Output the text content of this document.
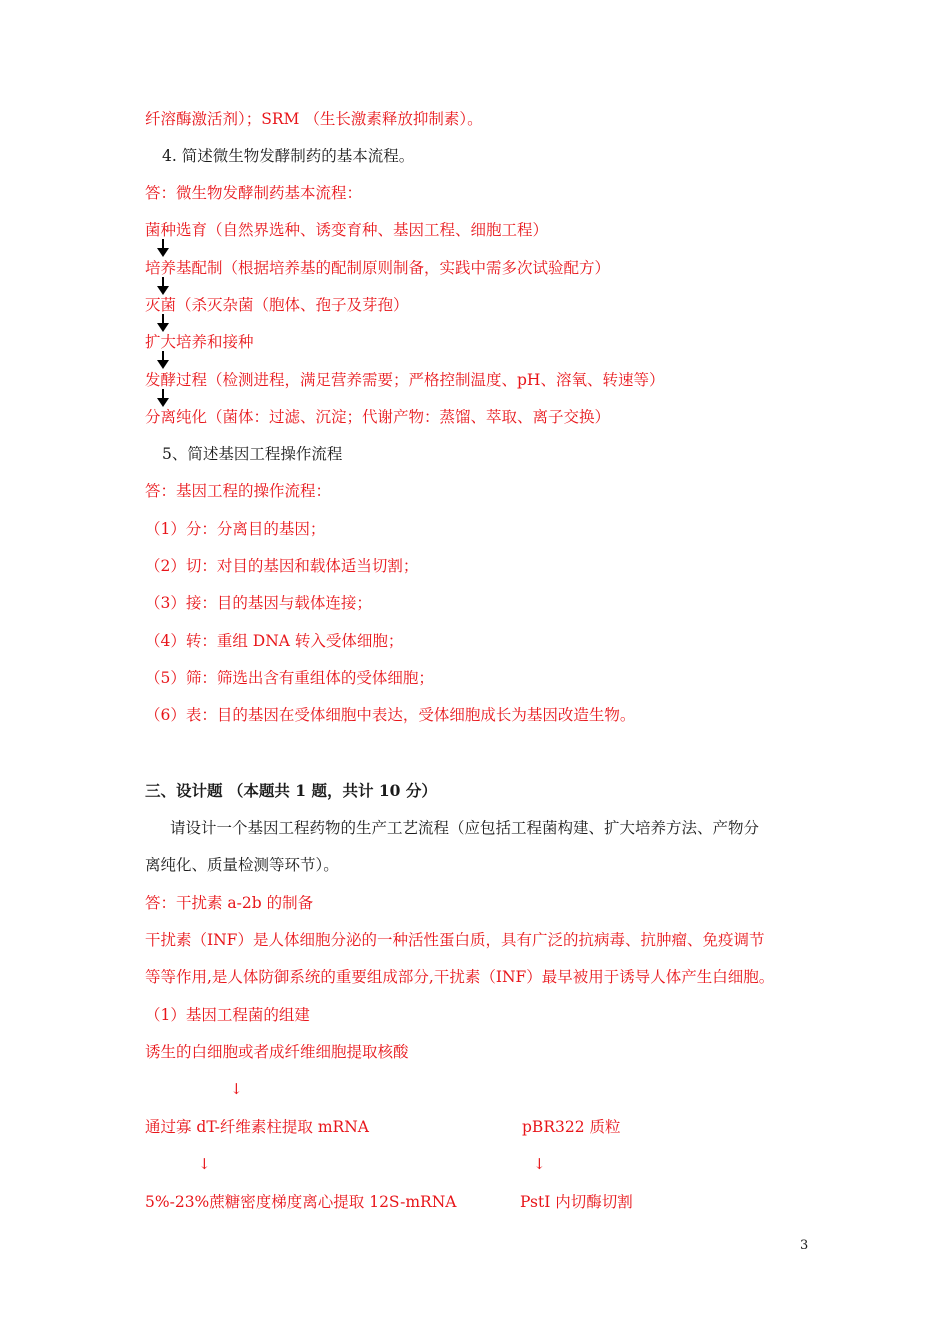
纤溶酶激活剂）；SRM （生长激素释放抑制素）。
4. 简述微生物发酵制药的基本流程。
答：微生物发酵制药基本流程：
菌种选育（自然界选种、诱变育种、基因工程、细胞工程）
培养基配制（根据培养基的配制原则制备，实践中需多次试验配方）
灭菌（杀灭杂菌（胞体、孢子及芽孢）
扩大培养和接种
发酵过程（检测进程，满足营养需要；严格控制温度、pH、溶氧、转速等）
分离纯化（菌体：过滤、沉淀；代谢产物：蒸馏、萃取、离子交换）
5、简述基因工程操作流程
答：基因工程的操作流程：
（1）分：分离目的基因；
（2）切：对目的基因和载体适当切割；
（3）接：目的基因与载体连接；
（4）转：重组 DNA 转入受体细胞；
（5）筛：筛选出含有重组体的受体细胞；
（6）表：目的基因在受体细胞中表达，受体细胞成长为基因改造生物。
三、设计题 （本题共 1 题，共计 10 分）
请设计一个基因工程药物的生产工艺流程（应包括工程菌构建、扩大培养方法、产物分
离纯化、质量检测等环节）。
答：干扰素 a-2b 的制备
干扰素（INF）是人体细胞分泌的一种活性蛋白质，具有广泛的抗病毒、抗肿瘤、免疫调节
等等作用,是人体防御系统的重要组成部分,干扰素（INF）最早被用于诱导人体产生白细胞。
（1）基因工程菌的组建
诱生的白细胞或者成纤维细胞提取核酸
↓
通过寡 dT-纤维素柱提取 mRNA	pBR322 质粒
↓	↓
5%-23%蔗糖密度梯度离心提取 12S-mRNA	PstI 内切酶切割
3
